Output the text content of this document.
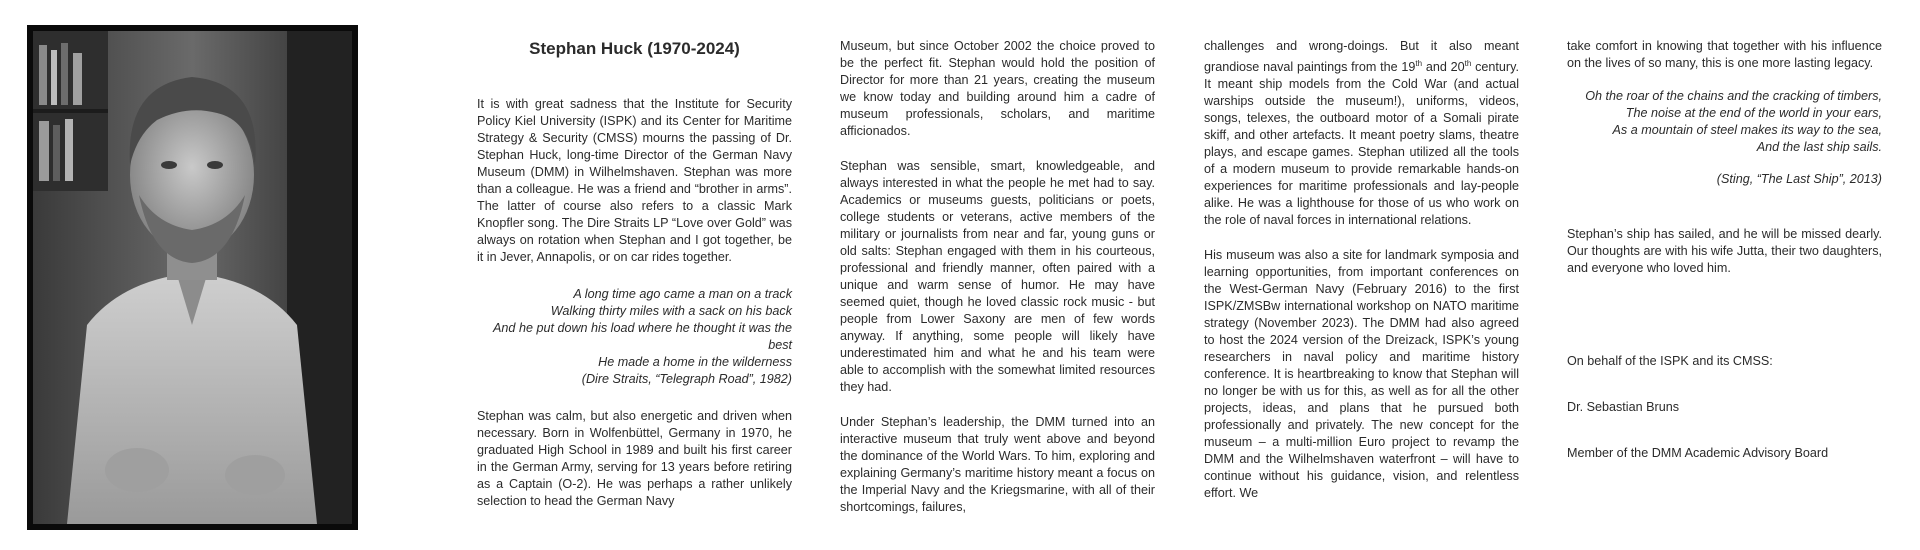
Stephan Huck (1970-2024)

It is with great sadness that the Institute for Security Policy Kiel University (ISPK) and its Center for Maritime Strategy & Security (CMSS) mourns the passing of Dr. Stephan Huck, long-time Director of the German Navy Museum (DMM) in Wilhelmshaven. Stephan was more than a colleague. He was a friend and “brother in arms”. The latter of course also refers to a classic Mark Knopfler song. The Dire Straits LP “Love over Gold” was always on rotation when Stephan and I got together, be it in Jever, Annapolis, or on car rides together.

A long time ago came a man on a track
Walking thirty miles with a sack on his back
And he put down his load where he thought it was the best
He made a home in the wilderness
(Dire Straits, “Telegraph Road”, 1982)

Stephan was calm, but also energetic and driven when necessary. Born in Wolfenbüttel, Germany in 1970, he graduated High School in 1989 and built his first career in the German Army, serving for 13 years before retiring as a Captain (O-2). He was perhaps a rather unlikely selection to head the German Navy

Museum, but since October 2002 the choice proved to be the perfect fit. Stephan would hold the position of Director for more than 21 years, creating the museum we know today and building around him a cadre of museum professionals, scholars, and maritime afficionados.

Stephan was sensible, smart, knowledgeable, and always interested in what the people he met had to say. Academics or museums guests, politicians or poets, college students or veterans, active members of the military or journalists from near and far, young guns or old salts: Stephan engaged with them in his courteous, professional and friendly manner, often paired with a unique and warm sense of humor. He may have seemed quiet, though he loved classic rock music - but people from Lower Saxony are men of few words anyway. If anything, some people will likely have underestimated him and what he and his team were able to accomplish with the somewhat limited resources they had.

Under Stephan’s leadership, the DMM turned into an interactive museum that truly went above and beyond the dominance of the World Wars. To him, exploring and explaining Germany’s maritime history meant a focus on the Imperial Navy and the Kriegsmarine, with all of their shortcomings, failures,

challenges and wrong-doings. But it also meant grandiose naval paintings from the 19th and 20th century. It meant ship models from the Cold War (and actual warships outside the museum!), uniforms, videos, songs, telexes, the outboard motor of a Somali pirate skiff, and other artefacts. It meant poetry slams, theatre plays, and escape games. Stephan utilized all the tools of a modern museum to provide remarkable hands-on experiences for maritime professionals and lay-people alike. He was a lighthouse for those of us who work on the role of naval forces in international relations.

His museum was also a site for landmark symposia and learning opportunities, from important conferences on the West-German Navy (February 2016) to the first ISPK/ZMSBw international workshop on NATO maritime strategy (November 2023). The DMM had also agreed to host the 2024 version of the Dreizack, ISPK’s young researchers in naval policy and maritime history conference. It is heartbreaking to know that Stephan will no longer be with us for this, as well as for all the other projects, ideas, and plans that he pursued both professionally and privately. The new concept for the museum – a multi-million Euro project to revamp the DMM and the Wilhelmshaven waterfront – will have to continue without his guidance, vision, and relentless effort. We

take comfort in knowing that together with his influence on the lives of so many, this is one more lasting legacy.

Oh the roar of the chains and the cracking of timbers,
The noise at the end of the world in your ears,
As a mountain of steel makes its way to the sea,
And the last ship sails.
(Sting, “The Last Ship”, 2013)

Stephan’s ship has sailed, and he will be missed dearly. Our thoughts are with his wife Jutta, their two daughters, and everyone who loved him.

On behalf of the ISPK and its CMSS:

Dr. Sebastian Bruns

Member of the DMM Academic Advisory Board
